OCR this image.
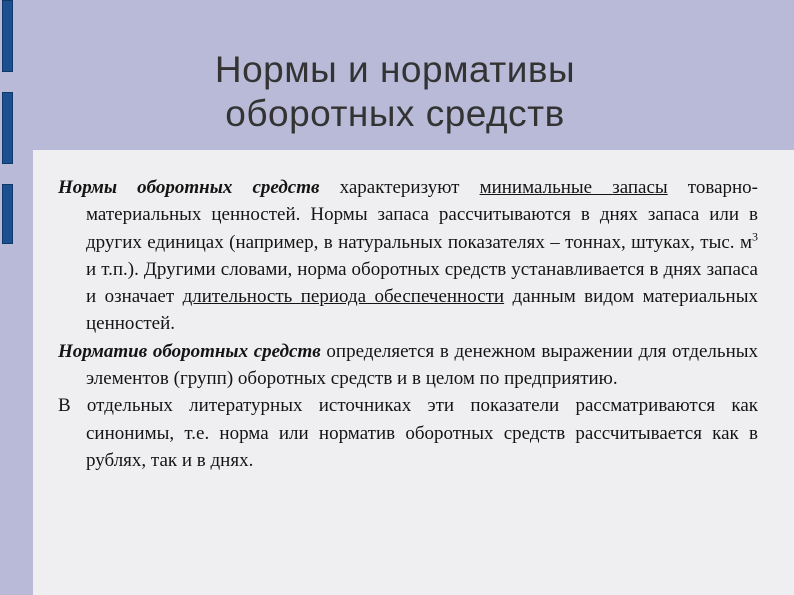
Нормы и нормативы
оборотных средств

Нормы оборотных средств характеризуют минимальные запасы товарно-материальных ценностей. Нормы запаса рассчитываются в днях запаса или в других единицах (например, в натуральных показателях – тоннах, штуках, тыс. $м^3$ и т.п.). Другими словами, норма оборотных средств устанавливается в днях запаса и означает длительность периода обеспеченности данным видом материальных ценностей.

Норматив оборотных средств определяется в денежном выражении для отдельных элементов (групп) оборотных средств и в целом по предприятию.

В отдельных литературных источниках эти показатели рассматриваются как синонимы, т.е. норма или норматив оборотных средств рассчитывается как в рублях, так и в днях.
